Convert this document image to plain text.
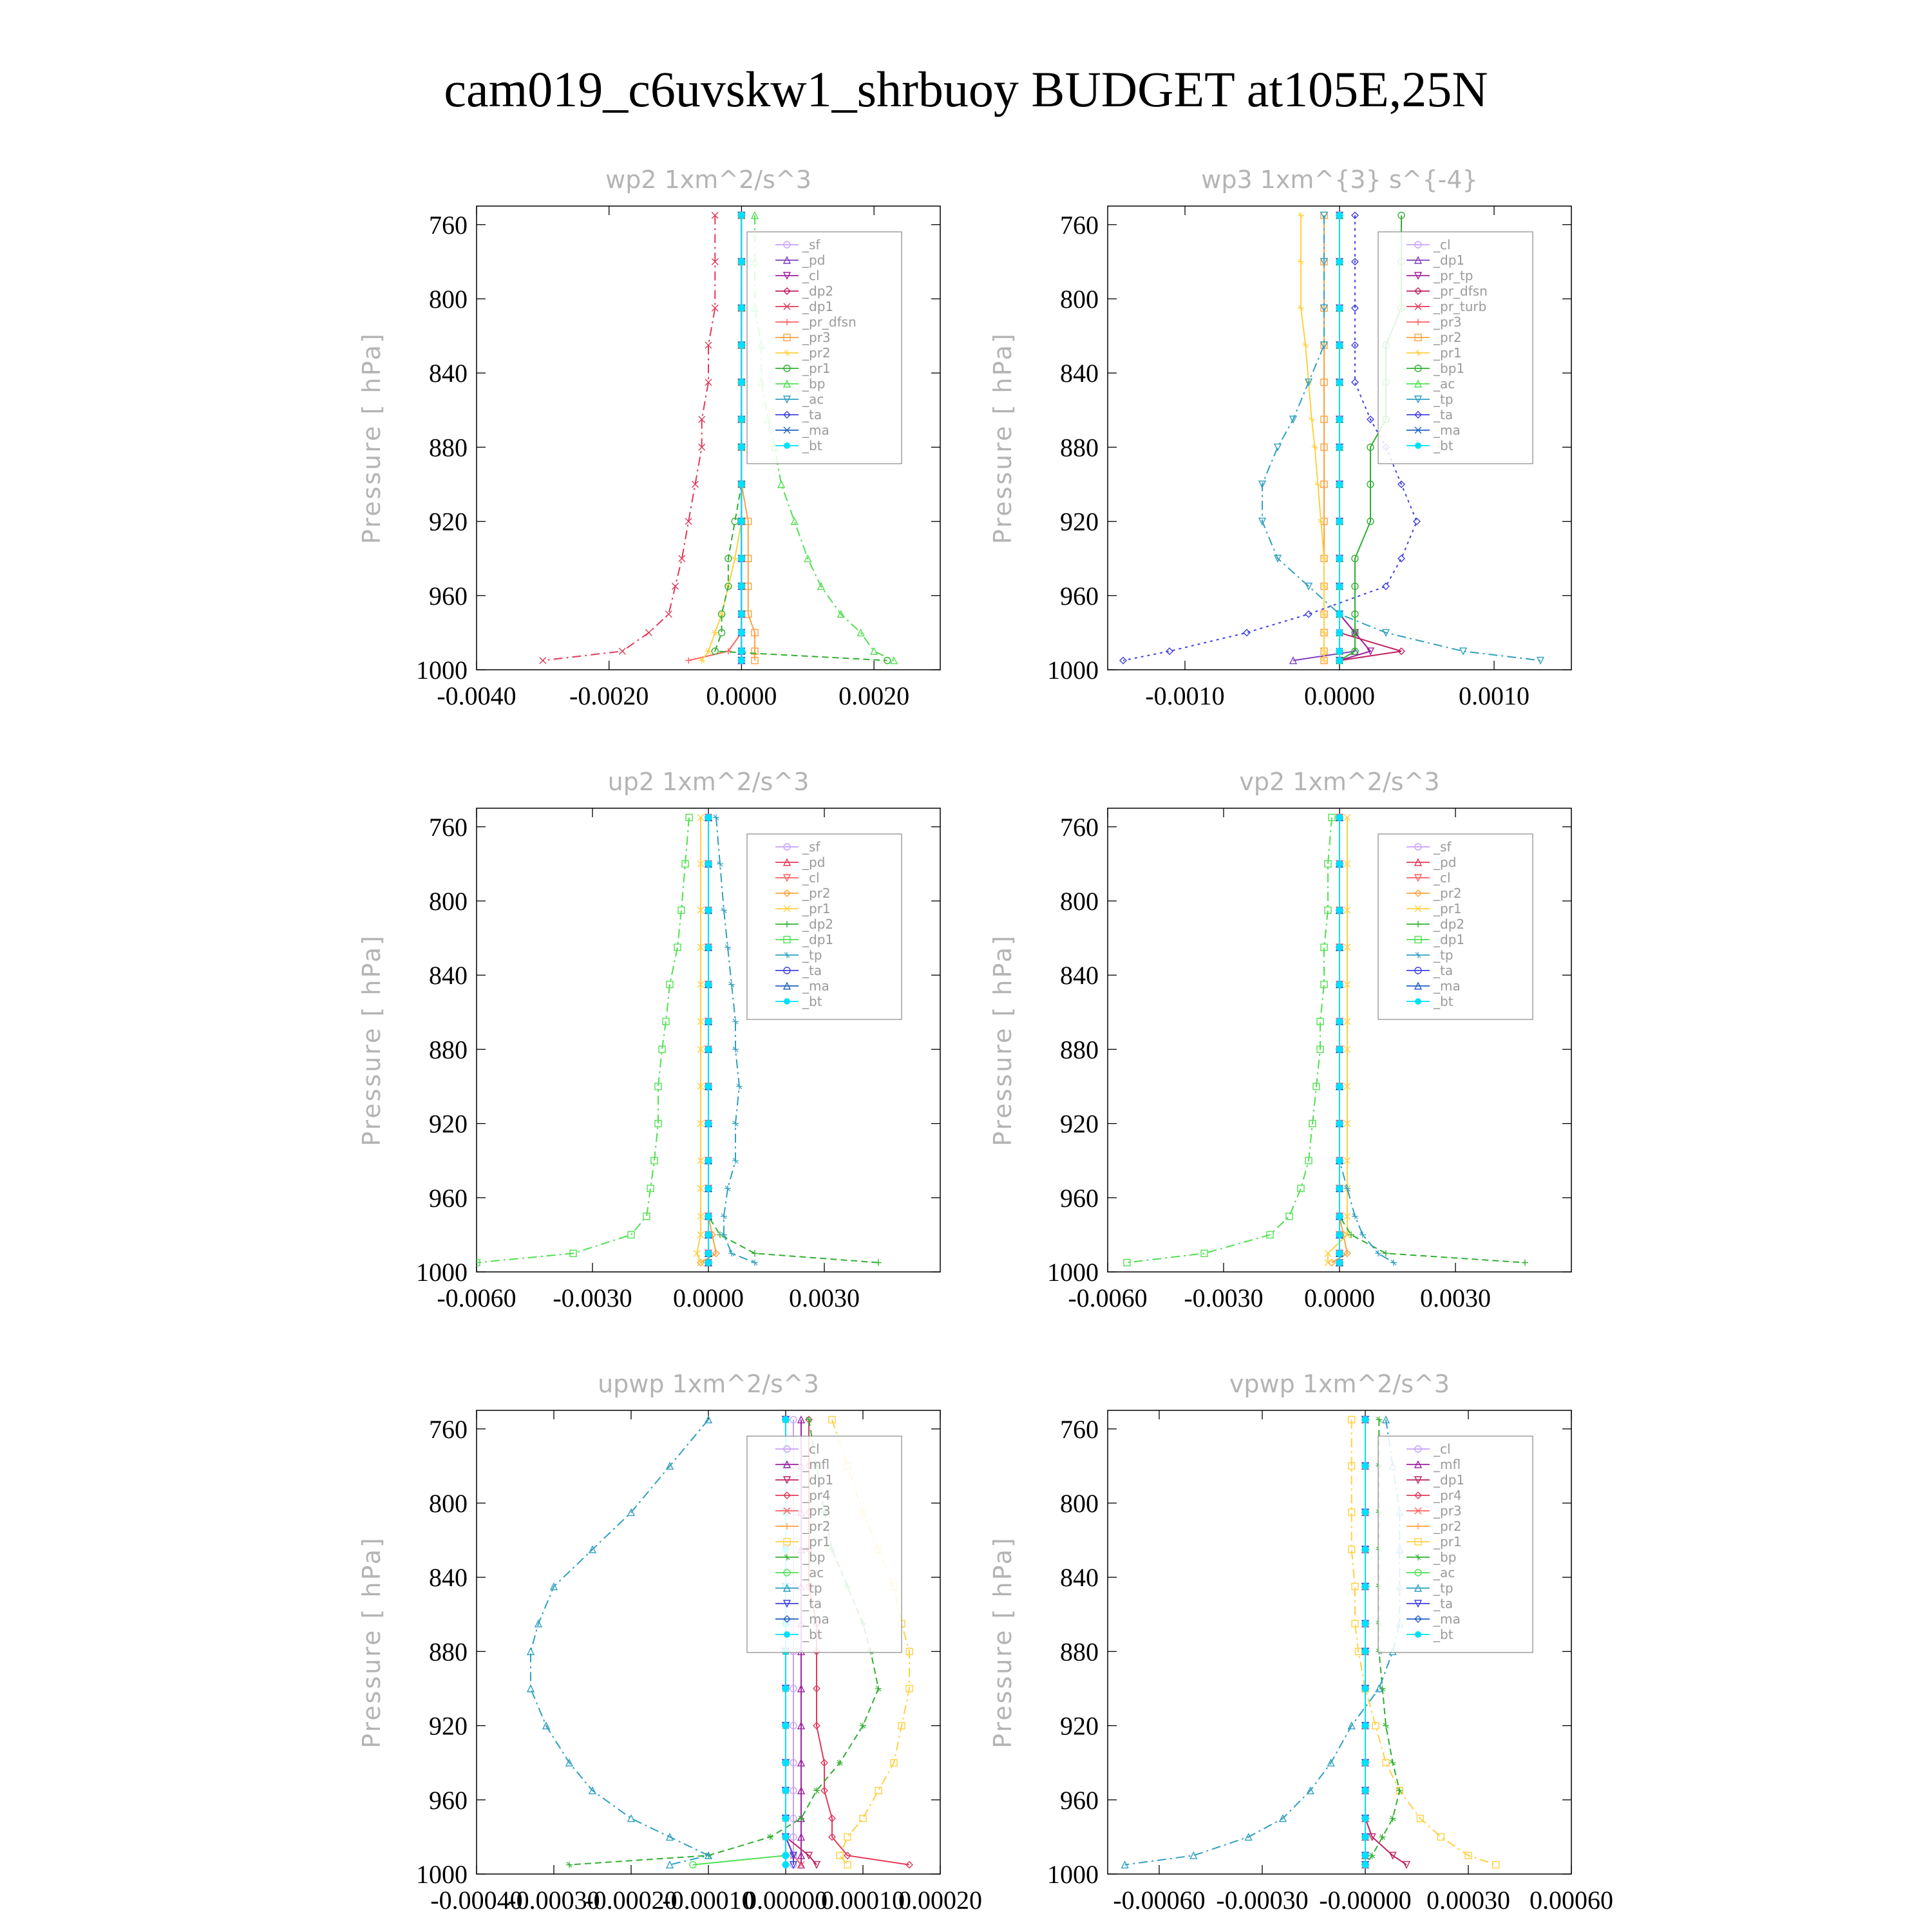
cam019_c6uvskw1_shrbuoy BUDGET at105E,25N
wp2 1xm^2/s^3
Pressure [ hPa]
760
800
840
880
920
960
1000
-0.0040 -0.0020 0.0000 0.0020
_sf
_pd
_cl
_dp2
_dp1
_pr_dfsn
_pr3
_pr2
_pr1
_bp
_ac
_ta
_ma
_bt
wp3 1xm^{3} s^{-4}
Pressure [ hPa]
760
800
840
880
920
960
1000
-0.0010	0.0000	0.0010
_cl
_dp1
_pr_tp
_pr_dfsn
_pr_turb
_pr3
_pr2
_pr1
_bp1
_ac
_tp
_ta
_ma
_bt
up2 1xm^2/s^3
Pressure [ hPa]
760
800
840
880
920
960
1000
-0.0060 -0.0030 0.0000 0.0030
_sf
_pd
_cl
_pr2
_pr1
_dp2
_dp1
_tp
_ta
_ma
_bt
vp2 1xm^2/s^3
Pressure [ hPa]
760
800
840
880
920
960
1000
-0.0060 -0.0030 0.0000 0.0030
_sf
_pd
_cl
_pr2
_pr1
_dp2
_dp1
_tp
_ta
_ma
_bt
upwp 1xm^2/s^3
Pressure [ hPa]
760
800
840
880
920
960
1000
-0.00040
-0.00030
-0.00020
-0.00010
0.00000
0.00010
0.00020
_cl
_mfl
_dp1
_pr4
_pr3
_pr2
_pr1
_bp
_ac
_tp
_ta
_ma
_bt
vpwp 1xm^2/s^3
Pressure [ hPa]
760
800
840
880
920
960
1000
-0.00060 -0.00030 -0.00000 0.00030 0.00060
_cl
_mfl
_dp1
_pr4
_pr3
_pr2
_pr1
_bp
_ac
_tp
_ta
_ma
_bt
